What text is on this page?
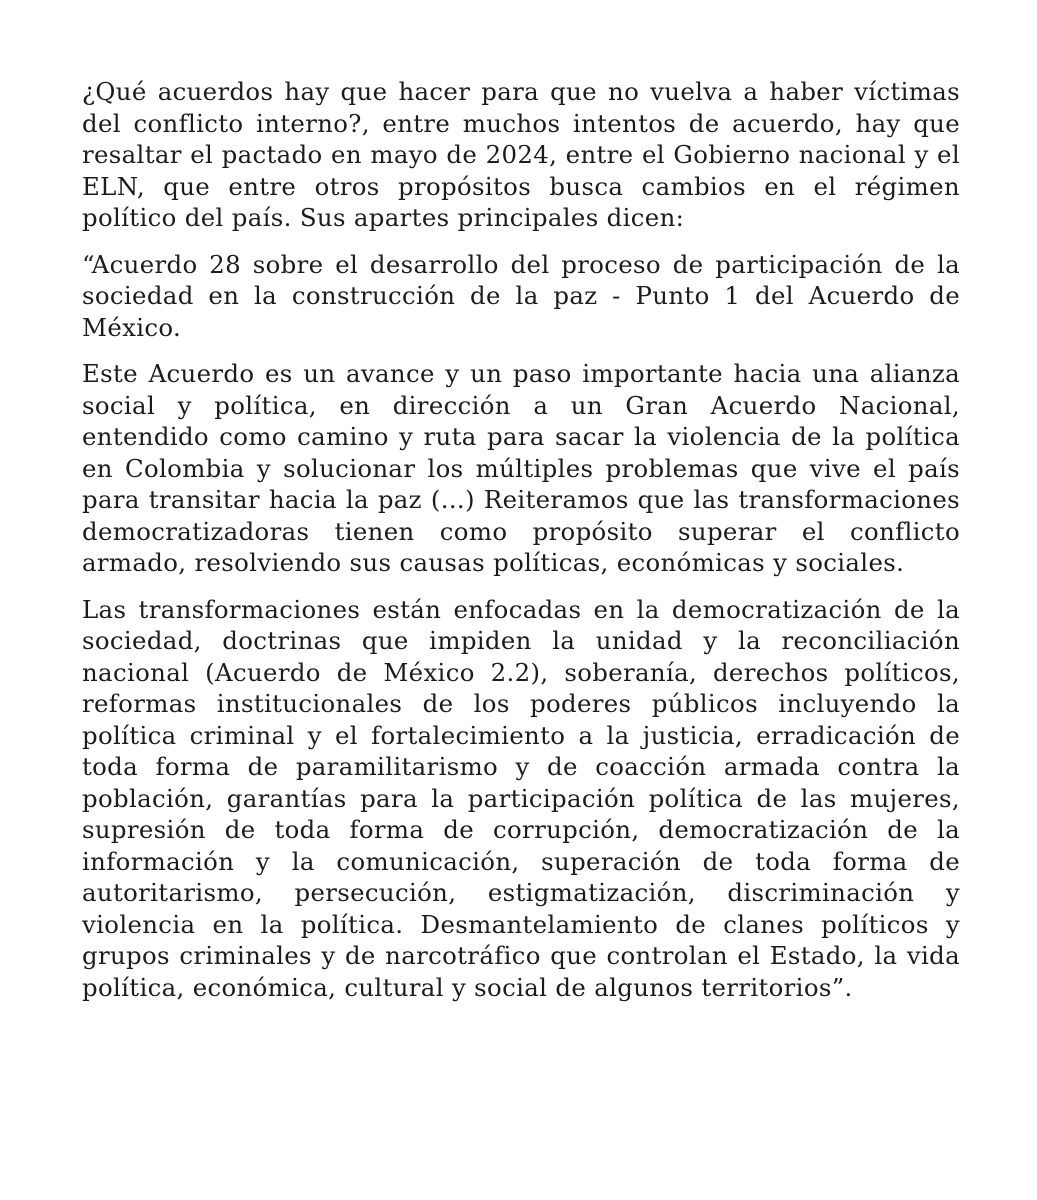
¿Qué acuerdos hay que hacer para que no vuelva a haber víctimas del conflicto interno?, entre muchos intentos de acuerdo, hay que resaltar el pactado en mayo de 2024, entre el Gobierno nacional y el ELN, que entre otros propósitos busca cambios en el régimen político del país. Sus apartes principales dicen:

“Acuerdo 28 sobre el desarrollo del proceso de participación de la sociedad en la construcción de la paz - Punto 1 del Acuerdo de México.

Este Acuerdo es un avance y un paso importante hacia una alianza social y política, en dirección a un Gran Acuerdo Nacional, entendido como camino y ruta para sacar la violencia de la política en Colombia y solucionar los múltiples problemas que vive el país para transitar hacia la paz (...) Reiteramos que las transformaciones democratizadoras tienen como propósito superar el conflicto armado, resolviendo sus causas políticas, económicas y sociales.

Las transformaciones están enfocadas en la democratización de la sociedad, doctrinas que impiden la unidad y la reconciliación nacional (Acuerdo de México 2.2), soberanía, derechos políticos, reformas institucionales de los poderes públicos incluyendo la política criminal y el fortalecimiento a la justicia, erradicación de toda forma de paramilitarismo y de coacción armada contra la población, garantías para la participación política de las mujeres, supresión de toda forma de corrupción, democratización de la información y la comunicación, superación de toda forma de autoritarismo, persecución, estigmatización, discriminación y violencia en la política. Desmantelamiento de clanes políticos y grupos criminales y de narcotráfico que controlan el Estado, la vida política, económica, cultural y social de algunos territorios”.
